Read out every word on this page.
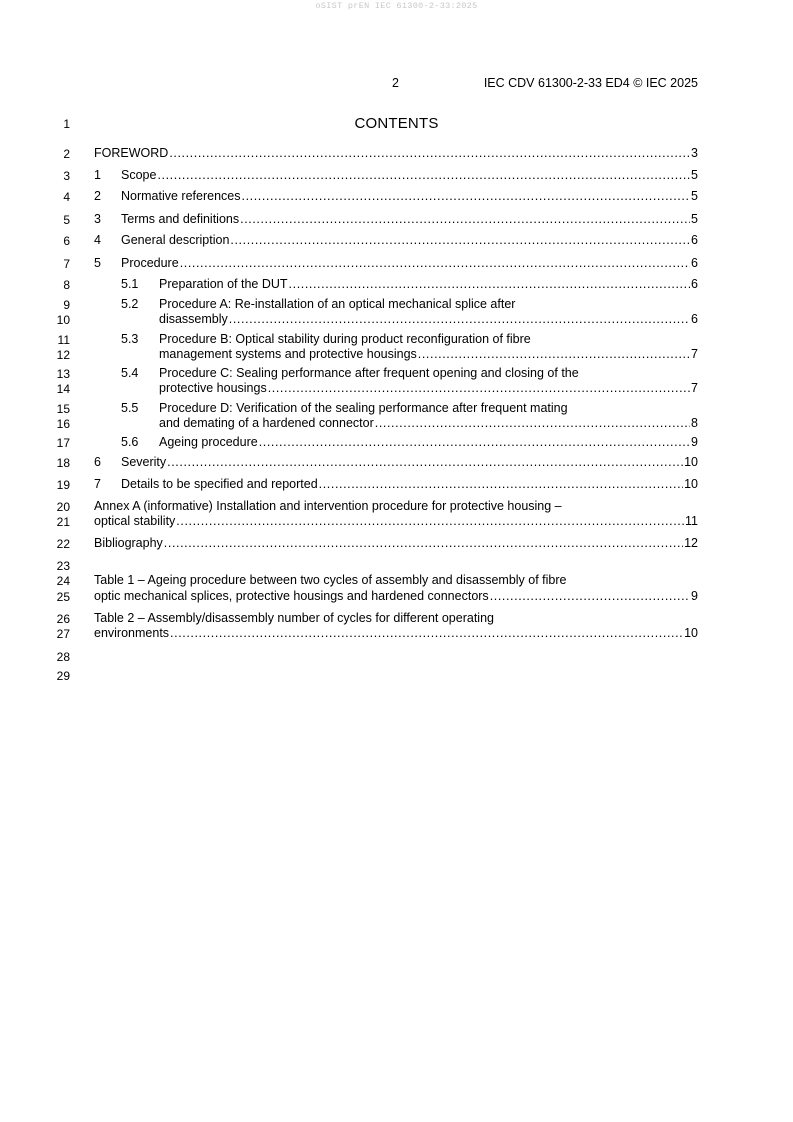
oSIST prEN IEC 61300-2-33:2025
2	IEC CDV 61300-2-33 ED4 © IEC 2025
1
2
3
4
5
6
7
8
9
10
11
12
13
14
15
16
17
18
19
20
21
22
23
24
25
26
27
28
29
CONTENTS
FOREWORD .....	3
1 Scope .....	5
2 Normative references .....	5
3 Terms and definitions .....	5
4 General description .....	6
5 Procedure .....	6
5.1 Preparation of the DUT .....	6
5.2 Procedure A: Re-installation of an optical mechanical splice after
disassembly .....	6
5.3 Procedure B: Optical stability during product reconfiguration of fibre
management systems and protective housings .....	7
5.4 Procedure C: Sealing performance after frequent opening and closing of the
protective housings .....	7
5.5 Procedure D: Verification of the sealing performance after frequent mating
and demating of a hardened connector .....	8
5.6 Ageing procedure .....	9
6 Severity .....	10
7 Details to be specified and reported .....	10
Annex A (informative) Installation and intervention procedure for protective housing –
optical stability .....	11
Bibliography .....	12
Table 1 – Ageing procedure between two cycles of assembly and disassembly of fibre
optic mechanical splices, protective housings and hardened connectors .....	9
Table 2 – Assembly/disassembly number of cycles for different operating
environments .....	10
